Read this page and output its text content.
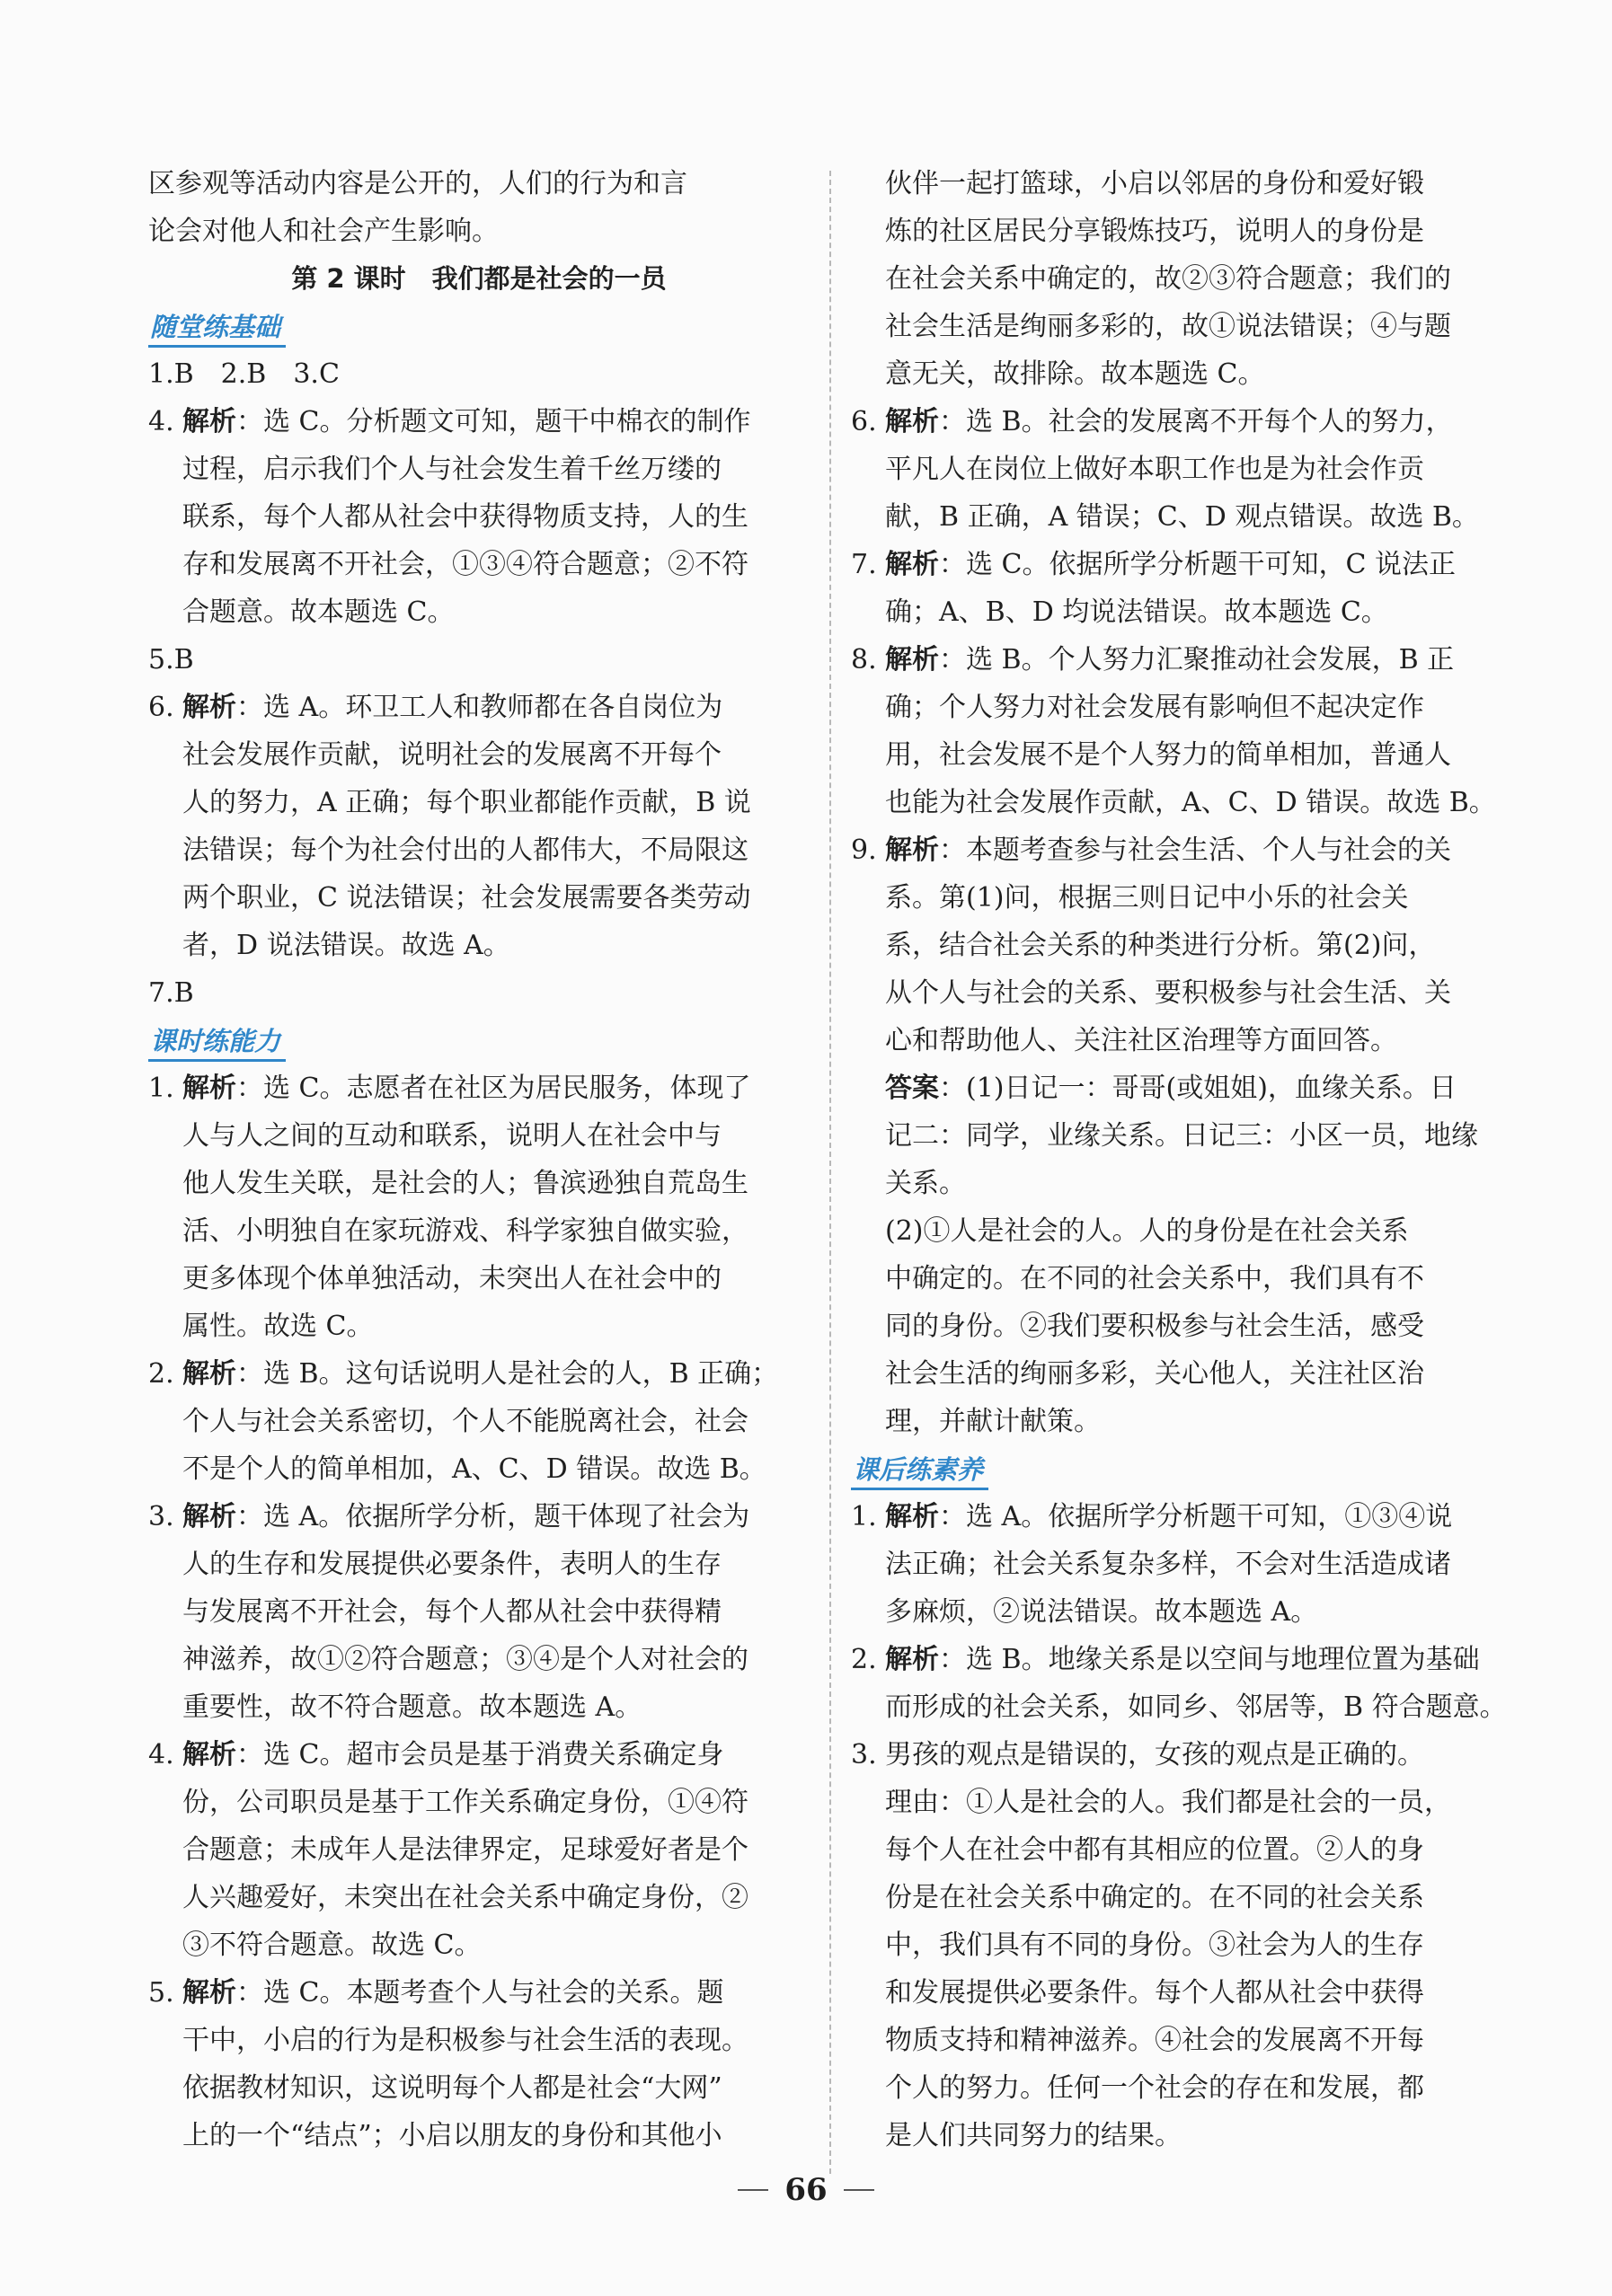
区参观等活动内容是公开的，人们的行为和言
论会对他人和社会产生影响。
第 2 课时　我们都是社会的一员
随堂练基础
1.B　2.B　3.C
4. 解析：选 C。分析题文可知，题干中棉衣的制作
过程，启示我们个人与社会发生着千丝万缕的
联系，每个人都从社会中获得物质支持，人的生
存和发展离不开社会，①③④符合题意；②不符
合题意。故本题选 C。
5.B
6. 解析：选 A。环卫工人和教师都在各自岗位为
社会发展作贡献，说明社会的发展离不开每个
人的努力，A 正确；每个职业都能作贡献，B 说
法错误；每个为社会付出的人都伟大，不局限这
两个职业，C 说法错误；社会发展需要各类劳动
者，D 说法错误。故选 A。
7.B
课时练能力
1. 解析：选 C。志愿者在社区为居民服务，体现了
人与人之间的互动和联系，说明人在社会中与
他人发生关联，是社会的人；鲁滨逊独自荒岛生
活、小明独自在家玩游戏、科学家独自做实验，
更多体现个体单独活动，未突出人在社会中的
属性。故选 C。
2. 解析：选 B。这句话说明人是社会的人，B 正确；
个人与社会关系密切，个人不能脱离社会，社会
不是个人的简单相加，A、C、D 错误。故选 B。
3. 解析：选 A。依据所学分析，题干体现了社会为
人的生存和发展提供必要条件，表明人的生存
与发展离不开社会，每个人都从社会中获得精
神滋养，故①②符合题意；③④是个人对社会的
重要性，故不符合题意。故本题选 A。
4. 解析：选 C。超市会员是基于消费关系确定身
份，公司职员是基于工作关系确定身份，①④符
合题意；未成年人是法律界定，足球爱好者是个
人兴趣爱好，未突出在社会关系中确定身份，②
③不符合题意。故选 C。
5. 解析：选 C。本题考查个人与社会的关系。题
干中，小启的行为是积极参与社会生活的表现。
依据教材知识，这说明每个人都是社会“大网”
上的一个“结点”；小启以朋友的身份和其他小
伙伴一起打篮球，小启以邻居的身份和爱好锻
炼的社区居民分享锻炼技巧，说明人的身份是
在社会关系中确定的，故②③符合题意；我们的
社会生活是绚丽多彩的，故①说法错误；④与题
意无关，故排除。故本题选 C。
6. 解析：选 B。社会的发展离不开每个人的努力，
平凡人在岗位上做好本职工作也是为社会作贡
献，B 正确，A 错误；C、D 观点错误。故选 B。
7. 解析：选 C。依据所学分析题干可知，C 说法正
确；A、B、D 均说法错误。故本题选 C。
8. 解析：选 B。个人努力汇聚推动社会发展，B 正
确；个人努力对社会发展有影响但不起决定作
用，社会发展不是个人努力的简单相加，普通人
也能为社会发展作贡献，A、C、D 错误。故选 B。
9. 解析：本题考查参与社会生活、个人与社会的关
系。第(1)问，根据三则日记中小乐的社会关
系，结合社会关系的种类进行分析。第(2)问，
从个人与社会的关系、要积极参与社会生活、关
心和帮助他人、关注社区治理等方面回答。
答案：(1)日记一：哥哥(或姐姐)，血缘关系。日
记二：同学，业缘关系。日记三：小区一员，地缘
关系。
(2)①人是社会的人。人的身份是在社会关系
中确定的。在不同的社会关系中，我们具有不
同的身份。②我们要积极参与社会生活，感受
社会生活的绚丽多彩，关心他人，关注社区治
理，并献计献策。
课后练素养
1. 解析：选 A。依据所学分析题干可知，①③④说
法正确；社会关系复杂多样，不会对生活造成诸
多麻烦，②说法错误。故本题选 A。
2. 解析：选 B。地缘关系是以空间与地理位置为基础
而形成的社会关系，如同乡、邻居等，B 符合题意。
3. 男孩的观点是错误的，女孩的观点是正确的。
理由：①人是社会的人。我们都是社会的一员，
每个人在社会中都有其相应的位置。②人的身
份是在社会关系中确定的。在不同的社会关系
中，我们具有不同的身份。③社会为人的生存
和发展提供必要条件。每个人都从社会中获得
物质支持和精神滋养。④社会的发展离不开每
个人的努力。任何一个社会的存在和发展，都
是人们共同努力的结果。
66
